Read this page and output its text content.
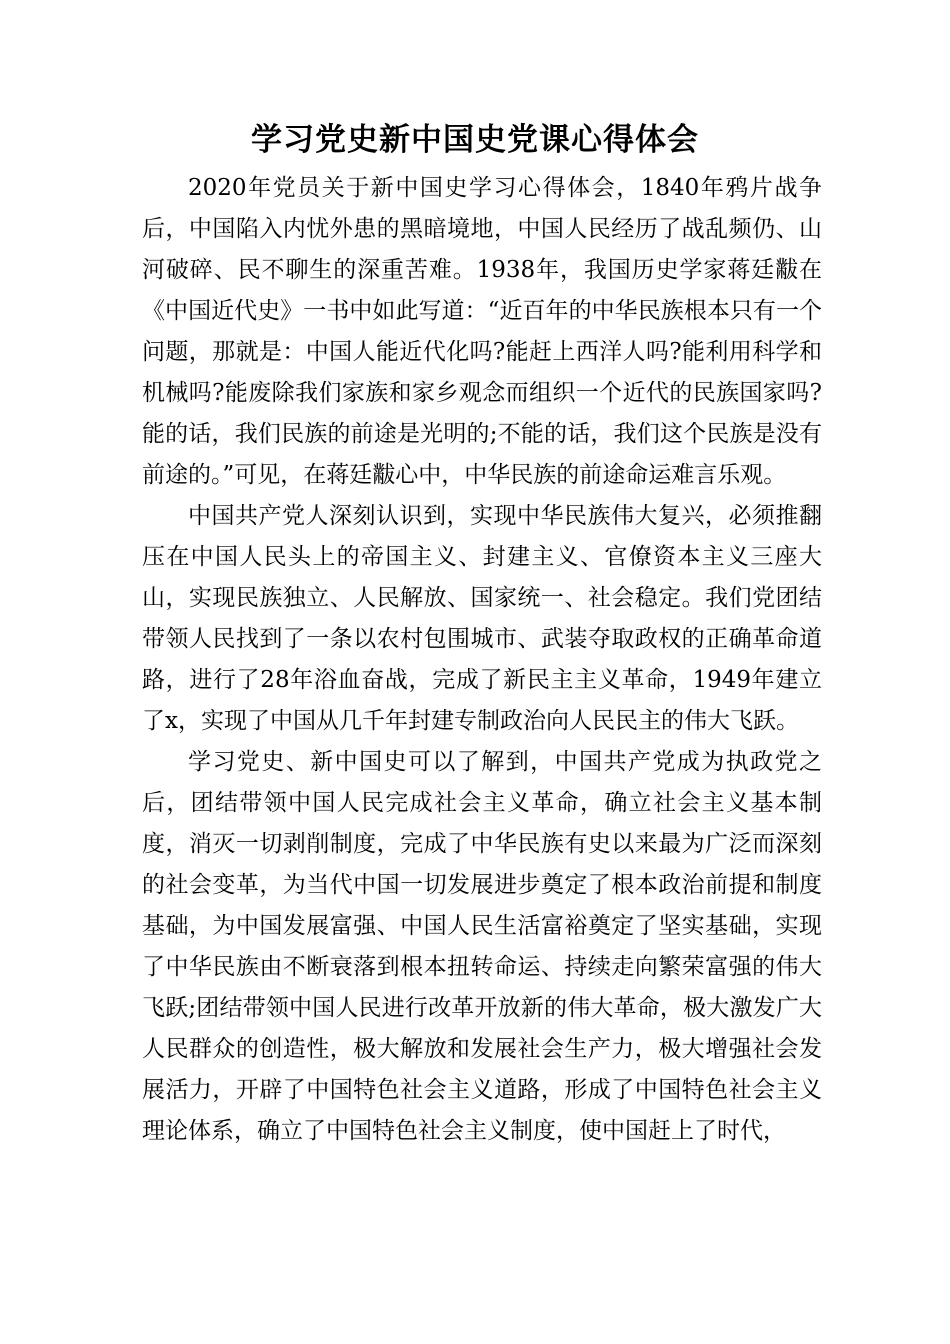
学习党史新中国史党课心得体会

2020年党员关于新中国史学习心得体会，1840年鸦片战争后，中国陷入内忧外患的黑暗境地，中国人民经历了战乱频仍、山河破碎、民不聊生的深重苦难。1938年，我国历史学家蒋廷黻在《中国近代史》一书中如此写道：“近百年的中华民族根本只有一个问题，那就是：中国人能近代化吗?能赶上西洋人吗?能利用科学和机械吗?能废除我们家族和家乡观念而组织一个近代的民族国家吗?能的话，我们民族的前途是光明的;不能的话，我们这个民族是没有前途的。”可见，在蒋廷黻心中，中华民族的前途命运难言乐观。

中国共产党人深刻认识到，实现中华民族伟大复兴，必须推翻压在中国人民头上的帝国主义、封建主义、官僚资本主义三座大山，实现民族独立、人民解放、国家统一、社会稳定。我们党团结带领人民找到了一条以农村包围城市、武装夺取政权的正确革命道路，进行了28年浴血奋战，完成了新民主主义革命，1949年建立了x，实现了中国从几千年封建专制政治向人民民主的伟大飞跃。

学习党史、新中国史可以了解到，中国共产党成为执政党之后，团结带领中国人民完成社会主义革命，确立社会主义基本制度，消灭一切剥削制度，完成了中华民族有史以来最为广泛而深刻的社会变革，为当代中国一切发展进步奠定了根本政治前提和制度基础，为中国发展富强、中国人民生活富裕奠定了坚实基础，实现了中华民族由不断衰落到根本扭转命运、持续走向繁荣富强的伟大飞跃;团结带领中国人民进行改革开放新的伟大革命，极大激发广大人民群众的创造性，极大解放和发展社会生产力，极大增强社会发展活力，开辟了中国特色社会主义道路，形成了中国特色社会主义理论体系，确立了中国特色社会主义制度，使中国赶上了时代，
